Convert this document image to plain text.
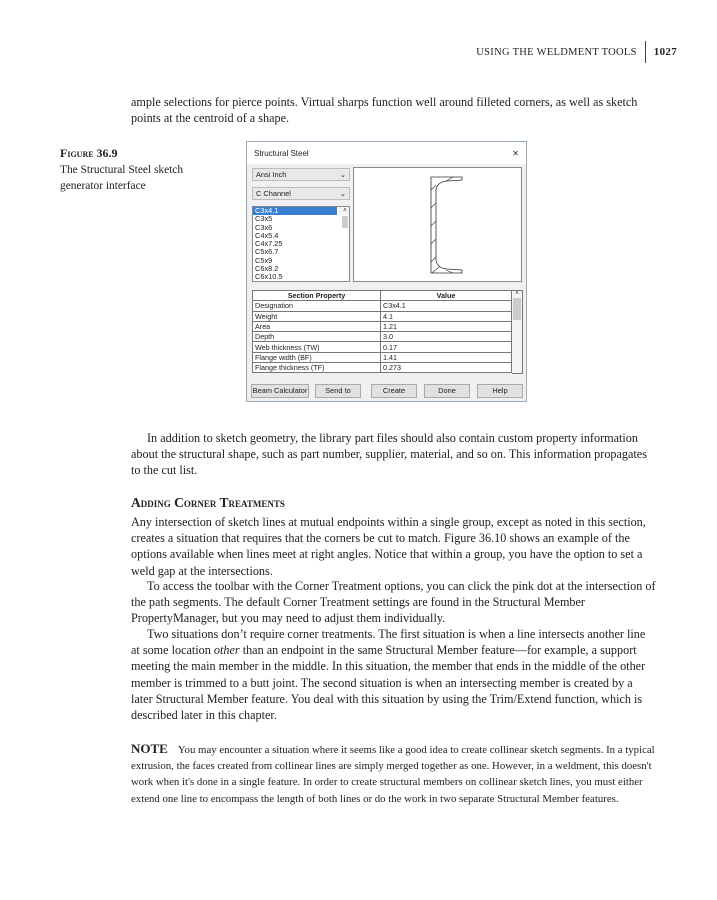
USING THE WELDMENT TOOLS 1027

ample selections for pierce points. Virtual sharps function well around filleted corners, as well as sketch points at the centroid of a shape.

Figure 36.9
The Structural Steel sketch generator interface
Structural Steel	✕
Ansi Inch	⌄
C Channel	⌄
C3x4.1
C3x5
C3x6
C4x5.4
C4x7.25
C5x6.7
C5x9
C6x8.2
C6x10.5
˄
Section Property	Value
Designation	C3x4.1
Weight	4.1
Area	1.21
Depth	3.0
Web thickness (TW)	0.17
Flange width (BF)	1.41
Flange thickness (TF)	0.273
˄
Beam Calculator	Send to	Create	Done	Help

In addition to sketch geometry, the library part files should also contain custom property information about the structural shape, such as part number, supplier, material, and so on. This information propagates to the cut list.

Adding Corner Treatments

Any intersection of sketch lines at mutual endpoints within a single group, except as noted in this section, creates a situation that requires that the corners be cut to match. Figure 36.10 shows an example of the options available when lines meet at right angles. Notice that within a group, you have the option to set a weld gap at the intersections.

To access the toolbar with the Corner Treatment options, you can click the pink dot at the intersection of the path segments. The default Corner Treatment settings are found in the Structural Member PropertyManager, but you may need to adjust them individually.

Two situations don’t require corner treatments. The first situation is when a line intersects another line at some location other than an endpoint in the same Structural Member feature—for example, a support meeting the main member in the middle. In this situation, the member that ends in the middle of the other member is trimmed to a butt joint. The second situation is when an intersecting member is created by a later Structural Member feature. You deal with this situation by using the Trim/Extend function, which is described later in this chapter.

NOTE You may encounter a situation where it seems like a good idea to create collinear sketch segments. In a typical extrusion, the faces created from collinear lines are simply merged together as one. However, in a weldment, this doesn't work when it's done in a single feature. In order to create structural members on collinear sketch lines, you must either extend one line to encompass the length of both lines or do the work in two separate Structural Member features.
